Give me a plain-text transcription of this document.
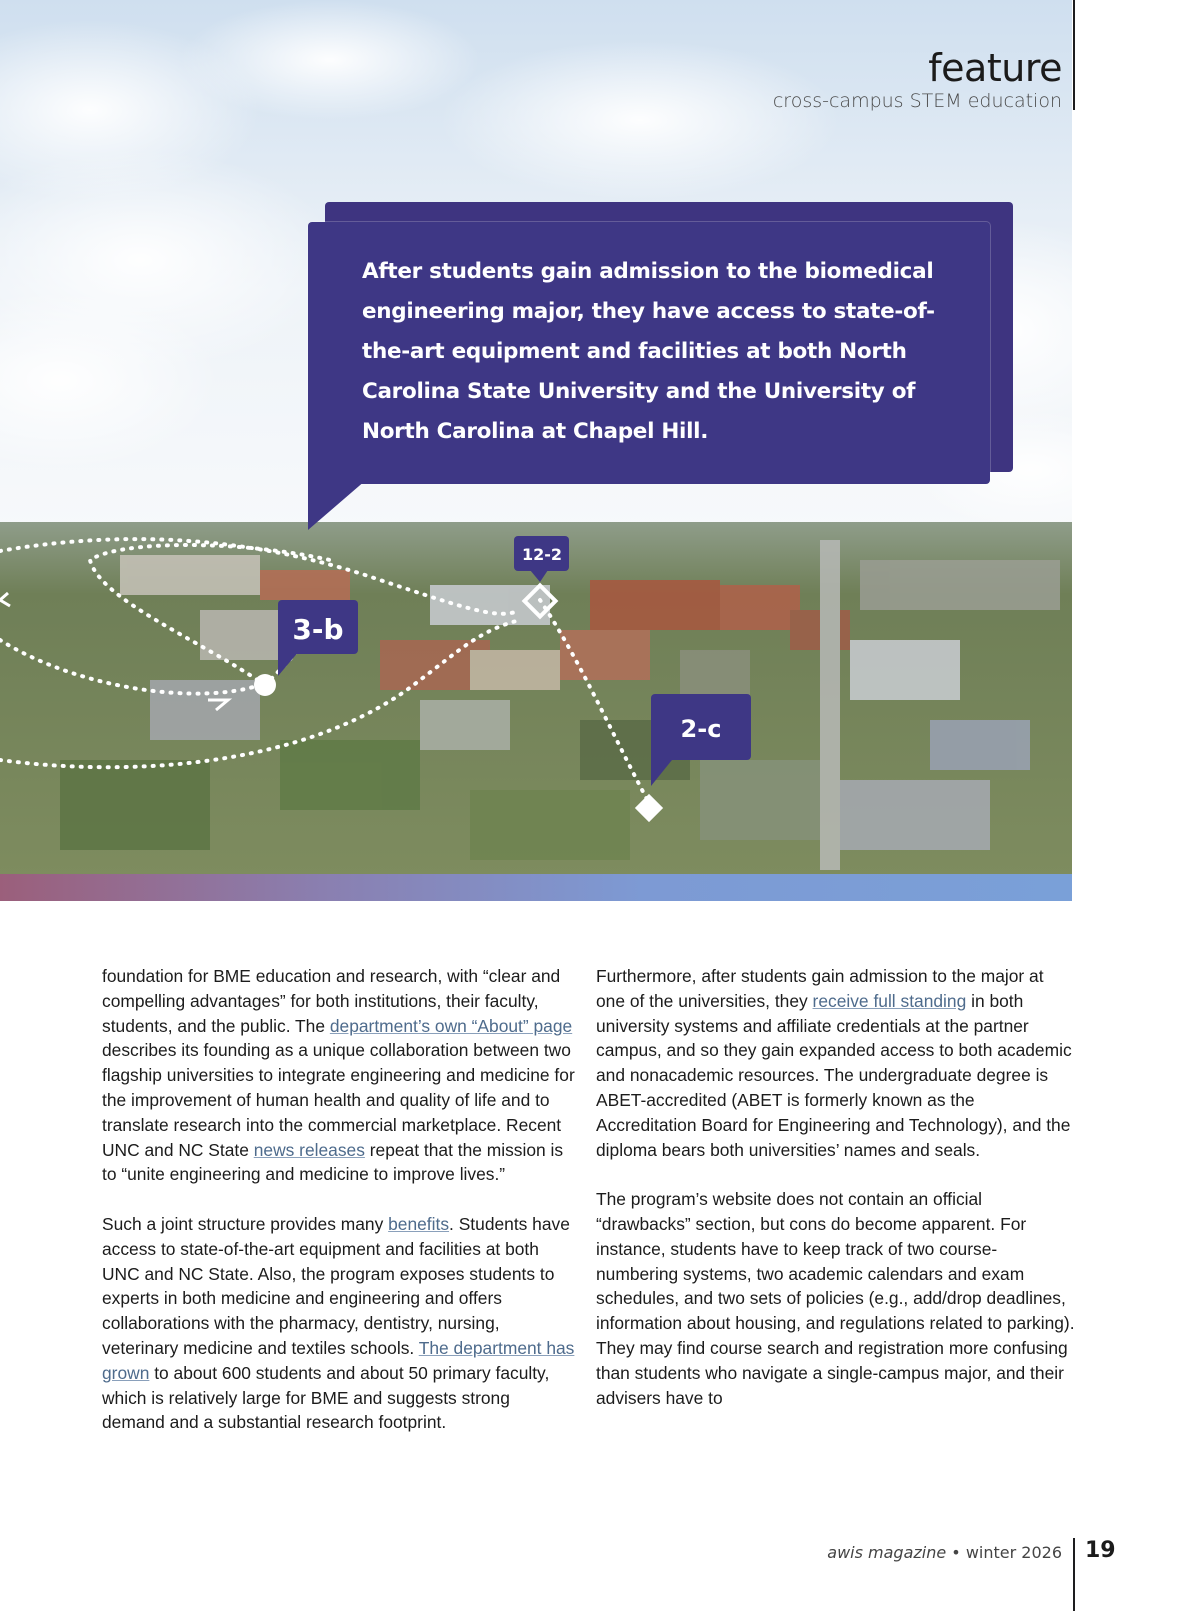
3-b
12-2
2-c
feature
cross-campus STEM education
After students gain admission to the biomedical engineering major, they have access to state-of-the-art equipment and facilities at both North Carolina State University and the University of North Carolina at Chapel Hill.

foundation for BME education and research, with “clear and compelling advantages” for both institutions, their faculty, students, and the public. The department’s own “About” page describes its founding as a unique collaboration between two flagship universities to integrate engineering and medicine for the improvement of human health and quality of life and to translate research into the commercial marketplace. Recent UNC and NC State news releases repeat that the mission is to “unite engineering and medicine to improve lives.”

Such a joint structure provides many benefits. Students have access to state-of-the-art equipment and facilities at both UNC and NC State. Also, the program exposes students to experts in both medicine and engineering and offers collaborations with the pharmacy, dentistry, nursing, veterinary medicine and textiles schools. The department has grown to about 600 students and about 50 primary faculty, which is relatively large for BME and suggests strong demand and a substantial research footprint.

Furthermore, after students gain admission to the major at one of the universities, they receive full standing in both university systems and affiliate credentials at the partner campus, and so they gain expanded access to both academic and nonacademic resources. The undergraduate degree is ABET-accredited (ABET is formerly known as the Accreditation Board for Engineering and Technology), and the diploma bears both universities’ names and seals.

The program’s website does not contain an official “drawbacks” section, but cons do become apparent. For instance, students have to keep track of two course-numbering systems, two academic calendars and exam schedules, and two sets of policies (e.g., add/drop deadlines, information about housing, and regulations related to parking). They may find course search and registration more confusing than students who navigate a single-campus major, and their advisers have to

awis magazine • winter 2026 19
